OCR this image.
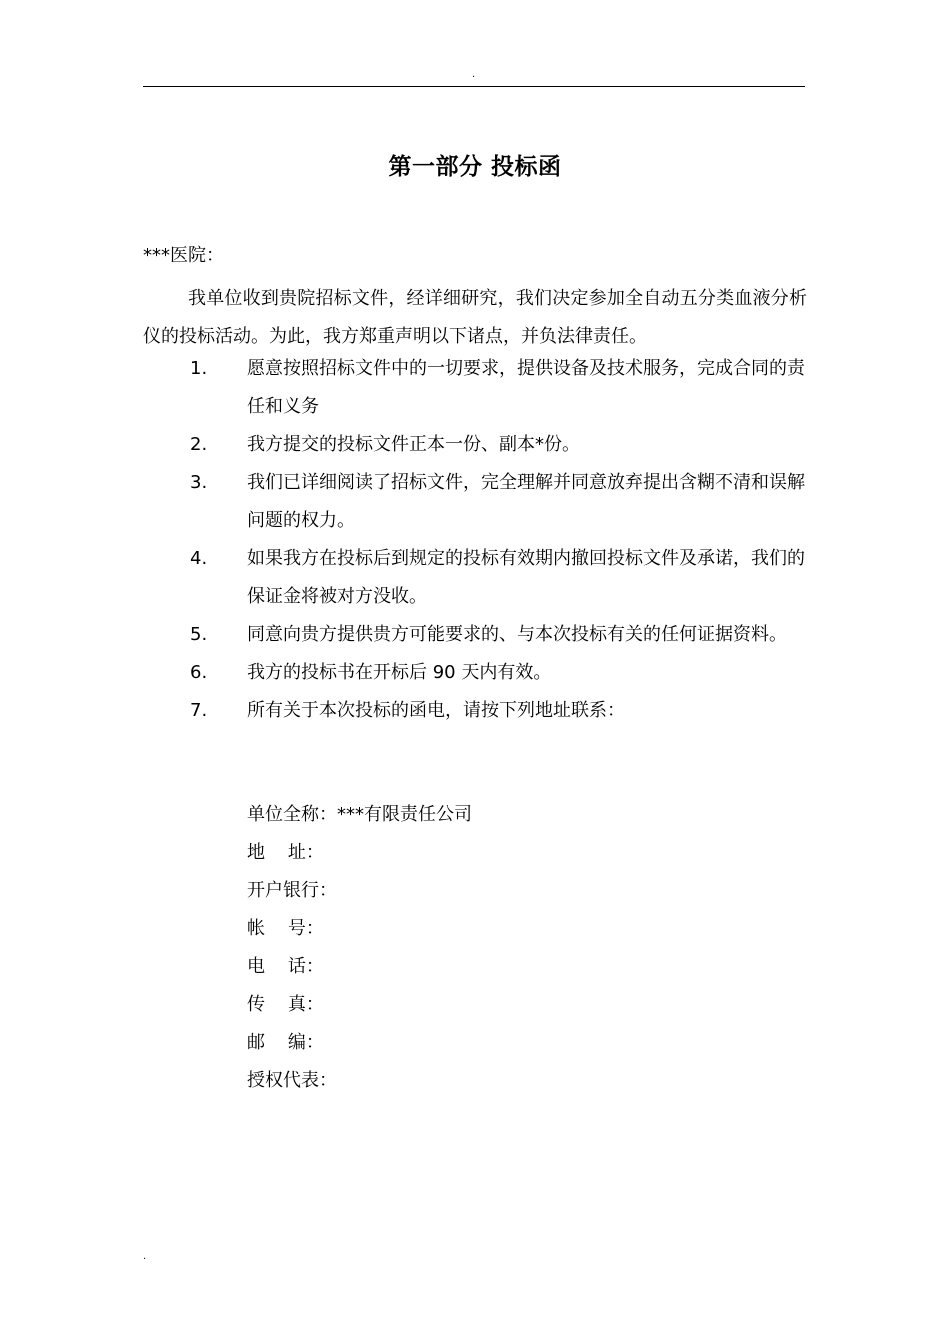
.
第一部分 投标函
***医院：
我单位收到贵院招标文件，经详细研究，我们决定参加全自动五分类血液分析仪的投标活动。为此，我方郑重声明以下诸点，并负法律责任。
1. 愿意按照招标文件中的一切要求，提供设备及技术服务，完成合同的责任和义务
2. 我方提交的投标文件正本一份、副本*份。
3. 我们已详细阅读了招标文件，完全理解并同意放弃提出含糊不清和误解问题的权力。
4. 如果我方在投标后到规定的投标有效期内撤回投标文件及承诺，我们的保证金将被对方没收。
5. 同意向贵方提供贵方可能要求的、与本次投标有关的任何证据资料。
6. 我方的投标书在开标后 90 天内有效。
7. 所有关于本次投标的函电，请按下列地址联系：
单位全称：***有限责任公司
地    址：
开户银行：
帐    号：
电    话：
传    真：
邮    编：
授权代表：
.
